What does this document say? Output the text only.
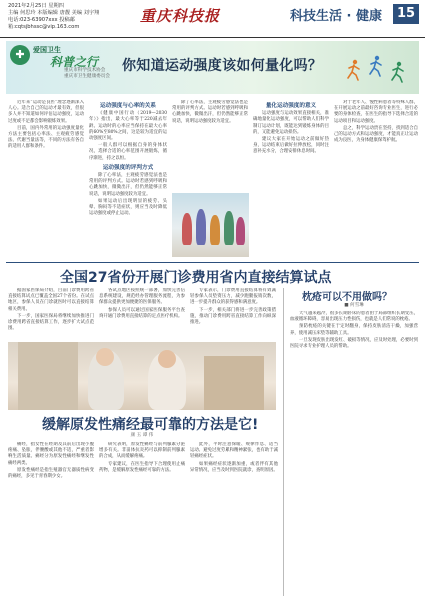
2021年2月25日 星期四
主编 何思玲 本版编辑 唐靓 美编 刘宇翔
电话:023-63907xxx 投稿邮箱:cqtsjbhssc@vip.163.com
重庆科技报	科技生活 · 健康	15
✚	爱国卫生
科普之行
重庆市科学技术协会
重庆市卫生健康委员会
你知道运动强度该如何量化吗？

近年来“运动是良医”理念逐渐深入人心。适合自己的运动才最有效，但很多人并不知道如何评估运动强度，运动过度或不足都会影响锻炼效果。

目前，国内外常用的运动强度量化方法主要包括心率法、主观疲劳感觉法、代谢当量法等，不同的方法有各自的适用人群和条件。

运动强度与心率的关系

《健康中国行动（2019—2030年）》指出，最大心率等于220减去年龄。运动时的心率应当保持在最大心率的60%至80%之间，这是较为适宜的运动强度区间。

一般人群可以根据自身的身体状况，选择合适的心率范围开展锻炼，循序渐进，持之以恒。

运动强度的评判方式

除了心率法，主观疲劳感觉法也是常用的评判方式。运动时若感到呼吸和心跳加快，微微出汗，但仍然能够正常说话，说明运动强度较为适宜。

如果运动后出现明显的疲劳、头晕、胸闷等不适症状，则应当及时降低运动强度或停止运动。

除了心率法，主观疲劳感觉法也是常用的评判方式。运动时若感到呼吸和心跳加快，微微出汗，但仍然能够正常说话，说明运动强度较为适宜。

量化运动强度的意义

运动强度与运动效果直接相关，准确地量化运动强度，可以帮助人们科学制订运动计划，既能达到锻炼身体的目的，又能避免运动损伤。

建议大家在开始运动之前做好热身，运动结束后做好拉伸放松，同时注意补充水分，合理安排休息时间。

对于老年人、慢性病患者等特殊人群，在开展运动之前最好咨询专业医生，进行必要的身体检查，在医生的指导下选择合适的运动项目和运动强度。

总之，科学运动贵在坚持，找到适合自己的运动方式和运动强度，才能真正让运动成为良医，为身体健康保驾护航。

全国27省份开展门诊费用省内直接结算试点

据国家医保局介绍，目前门诊费用跨省直接结算试点已覆盖全国27个省份。在试点地区，参保人员在门诊就医时可以直接结算相关费用。

下一步，国家医保局将继续加快推进门诊费用跨省直接结算工作，逐步扩大试点范围。

各试点地区按照统一部署，加快完善信息系统建设，规范经办管理服务流程，为参保群众提供更加便捷的医保服务。

参保人员可以通过国家医保服务平台查询开通门诊费用直接结算的定点医疗机构。

专家表示，门诊费用直接结算将有效减轻参保人员垫资压力，减少跑腿报销次数，进一步提升群众的获得感和满意度。

下一步，相关部门将进一步完善政策措施，推动门诊费用跨省直接结算工作向纵深推进。

枕疮可以不用做吗？
■ 何雪琳

天气越来越冷，很多长期卧床的患者由于局部组织长期受压，血液循环障碍，容易出现压力性损伤，也就是人们常说的枕疮。

预防枕疮的关键在于定时翻身，保持皮肤清洁干燥，加强营养，使用减压床垫等辅助工具。

一旦发现皮肤出现发红、破损等情况，应及时处理，必要时到医院寻求专业护理人员的帮助。

缓解原发性痛经最可靠的方法是它!
颜 玉 谭 伟

痛经，指女性在经期及其前后出现小腹疼痛、坠胀，伴腰酸或其他不适，严重者影响生活质量。痛经分为原发性痛经和继发性痛经两类。

原发性痛经是指生殖器官无器质性病变的痛经，多见于青春期少女。

研究表明，原发性痛经与前列腺素分泌增多有关。非甾体抗炎药可以抑制前列腺素的合成，从而缓解疼痛。

专家建议，在医生指导下合理使用止痛药物，是缓解原发性痛经可靠的方法。

此外，平时注意保暖、规律作息、适当运动、避免过度劳累和精神紧张，也有助于减轻痛经症状。

如果痛经症状逐渐加重，或者伴有其他异常情况，应当及时到医院就诊，查明原因。
